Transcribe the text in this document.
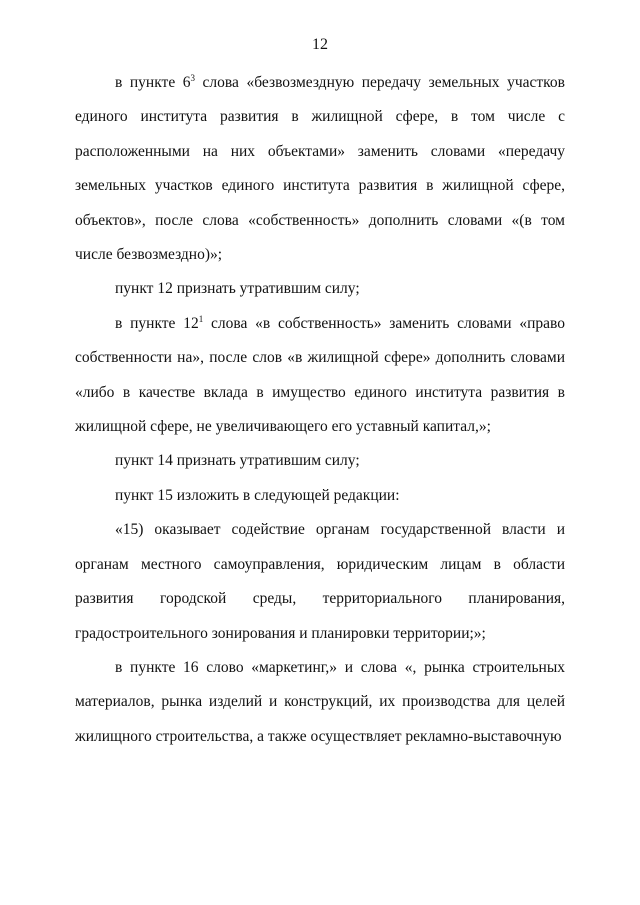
12

в пункте $6^3$ слова «безвозмездную передачу земельных участков единого института развития в жилищной сфере, в том числе с расположенными на них объектами» заменить словами «передачу земельных участков единого института развития в жилищной сфере, объектов», после слова «собственность» дополнить словами «(в том числе безвозмездно)»;

пункт 12 признать утратившим силу;

в пункте $12^1$ слова «в собственность» заменить словами «право собственности на», после слов «в жилищной сфере» дополнить словами «либо в качестве вклада в имущество единого института развития в жилищной сфере, не увеличивающего его уставный капитал,»;

пункт 14 признать утратившим силу;

пункт 15 изложить в следующей редакции:

«15) оказывает содействие органам государственной власти и органам местного самоуправления, юридическим лицам в области развития городской среды, территориального планирования, градостроительного зонирования и планировки территории;»;

в пункте 16 слово «маркетинг,» и слова «, рынка строительных материалов, рынка изделий и конструкций, их производства для целей жилищного строительства, а также осуществляет рекламно-выставочную
